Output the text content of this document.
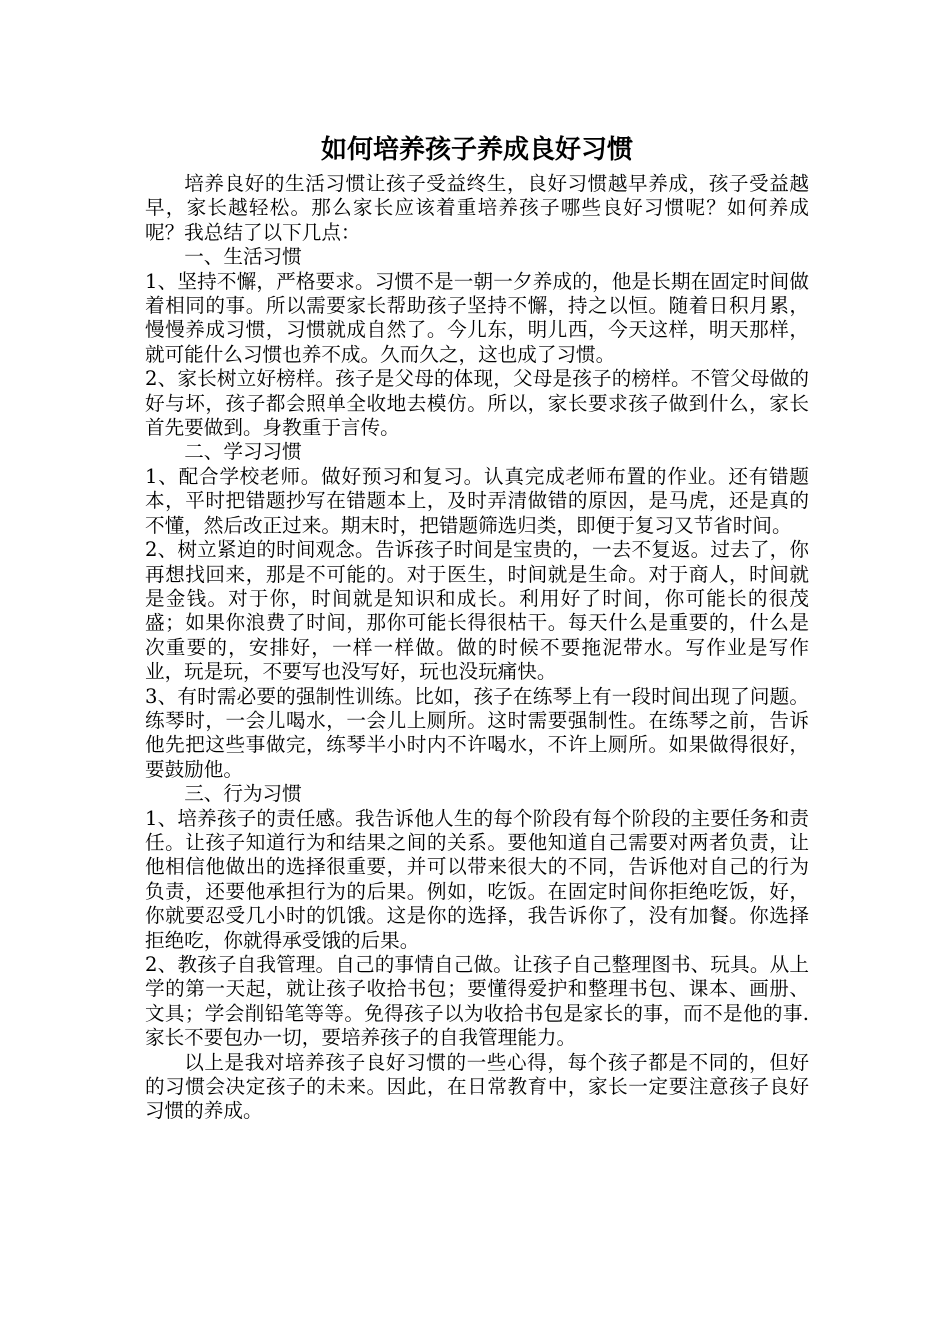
如何培养孩子养成良好习惯

培养良好的生活习惯让孩子受益终生，良好习惯越早养成，孩子受益越早，家长越轻松。那么家长应该着重培养孩子哪些良好习惯呢？如何养成呢？我总结了以下几点：

一、生活习惯

1、坚持不懈，严格要求。习惯不是一朝一夕养成的，他是长期在固定时间做着相同的事。所以需要家长帮助孩子坚持不懈，持之以恒。随着日积月累，慢慢养成习惯，习惯就成自然了。今儿东，明儿西，今天这样，明天那样，就可能什么习惯也养不成。久而久之，这也成了习惯。

2、家长树立好榜样。孩子是父母的体现，父母是孩子的榜样。不管父母做的好与坏，孩子都会照单全收地去模仿。所以，家长要求孩子做到什么，家长首先要做到。身教重于言传。

二、学习习惯

1、配合学校老师。做好预习和复习。认真完成老师布置的作业。还有错题本，平时把错题抄写在错题本上，及时弄清做错的原因，是马虎，还是真的不懂，然后改正过来。期末时，把错题筛选归类，即便于复习又节省时间。

2、树立紧迫的时间观念。告诉孩子时间是宝贵的，一去不复返。过去了，你再想找回来，那是不可能的。对于医生，时间就是生命。对于商人，时间就是金钱。对于你，时间就是知识和成长。利用好了时间，你可能长的很茂盛；如果你浪费了时间，那你可能长得很枯干。每天什么是重要的，什么是次重要的，安排好，一样一样做。做的时候不要拖泥带水。写作业是写作业，玩是玩，不要写也没写好，玩也没玩痛快。

3、有时需必要的强制性训练。比如，孩子在练琴上有一段时间出现了问题。练琴时，一会儿喝水，一会儿上厕所。这时需要强制性。在练琴之前，告诉他先把这些事做完，练琴半小时内不许喝水，不许上厕所。如果做得很好，要鼓励他。

三、行为习惯

1、培养孩子的责任感。我告诉他人生的每个阶段有每个阶段的主要任务和责任。让孩子知道行为和结果之间的关系。要他知道自己需要对两者负责，让他相信他做出的选择很重要，并可以带来很大的不同，告诉他对自己的行为负责，还要他承担行为的后果。例如，吃饭。在固定时间你拒绝吃饭，好，你就要忍受几小时的饥饿。这是你的选择，我告诉你了，没有加餐。你选择拒绝吃，你就得承受饿的后果。

2、教孩子自我管理。自己的事情自己做。让孩子自己整理图书、玩具。从上学的第一天起，就让孩子收拾书包；要懂得爱护和整理书包、课本、画册、文具；学会削铅笔等等。免得孩子以为收拾书包是家长的事，而不是他的事. 家长不要包办一切，要培养孩子的自我管理能力。

以上是我对培养孩子良好习惯的一些心得，每个孩子都是不同的，但好的习惯会决定孩子的未来。因此，在日常教育中，家长一定要注意孩子良好习惯的养成。
